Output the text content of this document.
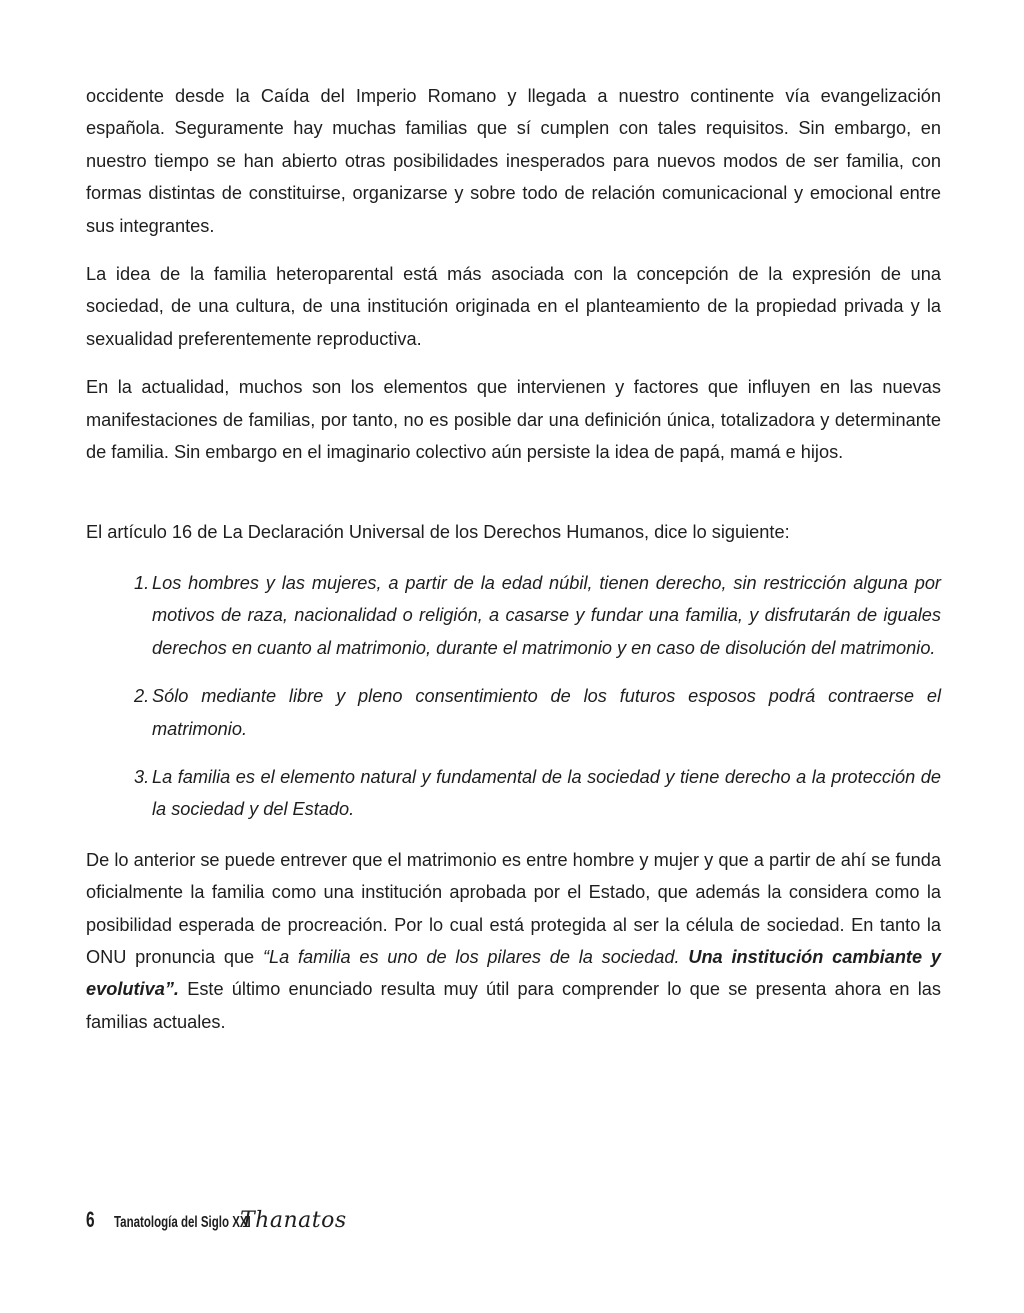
occidente desde la Caída del Imperio Romano y llegada a nuestro continente vía evangelización española. Seguramente hay muchas familias que sí cumplen con tales requisitos. Sin embargo, en nuestro tiempo se han abierto otras posibilidades inesperados para nuevos modos de ser familia, con formas distintas de constituirse, organizarse y sobre todo de relación comunicacional y emocional entre sus integrantes.

La idea de la familia heteroparental está más asociada con la concepción de la expresión de una sociedad, de una cultura, de una institución originada en el planteamiento de la propiedad privada y la sexualidad preferentemente reproductiva.

En la actualidad, muchos son los elementos que intervienen y factores que influyen en las nuevas manifestaciones de familias, por tanto, no es posible dar una definición única, totalizadora y determinante de familia. Sin embargo en el imaginario colectivo aún persiste la idea de papá, mamá e hijos.

El artículo 16 de La Declaración Universal de los Derechos Humanos, dice lo siguiente:

1. Los hombres y las mujeres, a partir de la edad núbil, tienen derecho, sin restricción alguna por motivos de raza, nacionalidad o religión, a casarse y fundar una familia, y disfrutarán de iguales derechos en cuanto al matrimonio, durante el matrimonio y en caso de disolución del matrimonio.
2. Sólo mediante libre y pleno consentimiento de los futuros esposos podrá contraerse el matrimonio.
3. La familia es el elemento natural y fundamental de la sociedad y tiene derecho a la protección de la sociedad y del Estado.

De lo anterior se puede entrever que el matrimonio es entre hombre y mujer y que a partir de ahí se funda oficialmente la familia como una institución aprobada por el Estado, que además la considera como la posibilidad esperada de procreación. Por lo cual está protegida al ser la célula de sociedad. En tanto la ONU pronuncia que “La familia es uno de los pilares de la sociedad. Una institución cambiante y evolutiva”. Este último enunciado resulta muy útil para comprender lo que se presenta ahora en las familias actuales.

6	Tanatología del Siglo XXI
Thanatos
